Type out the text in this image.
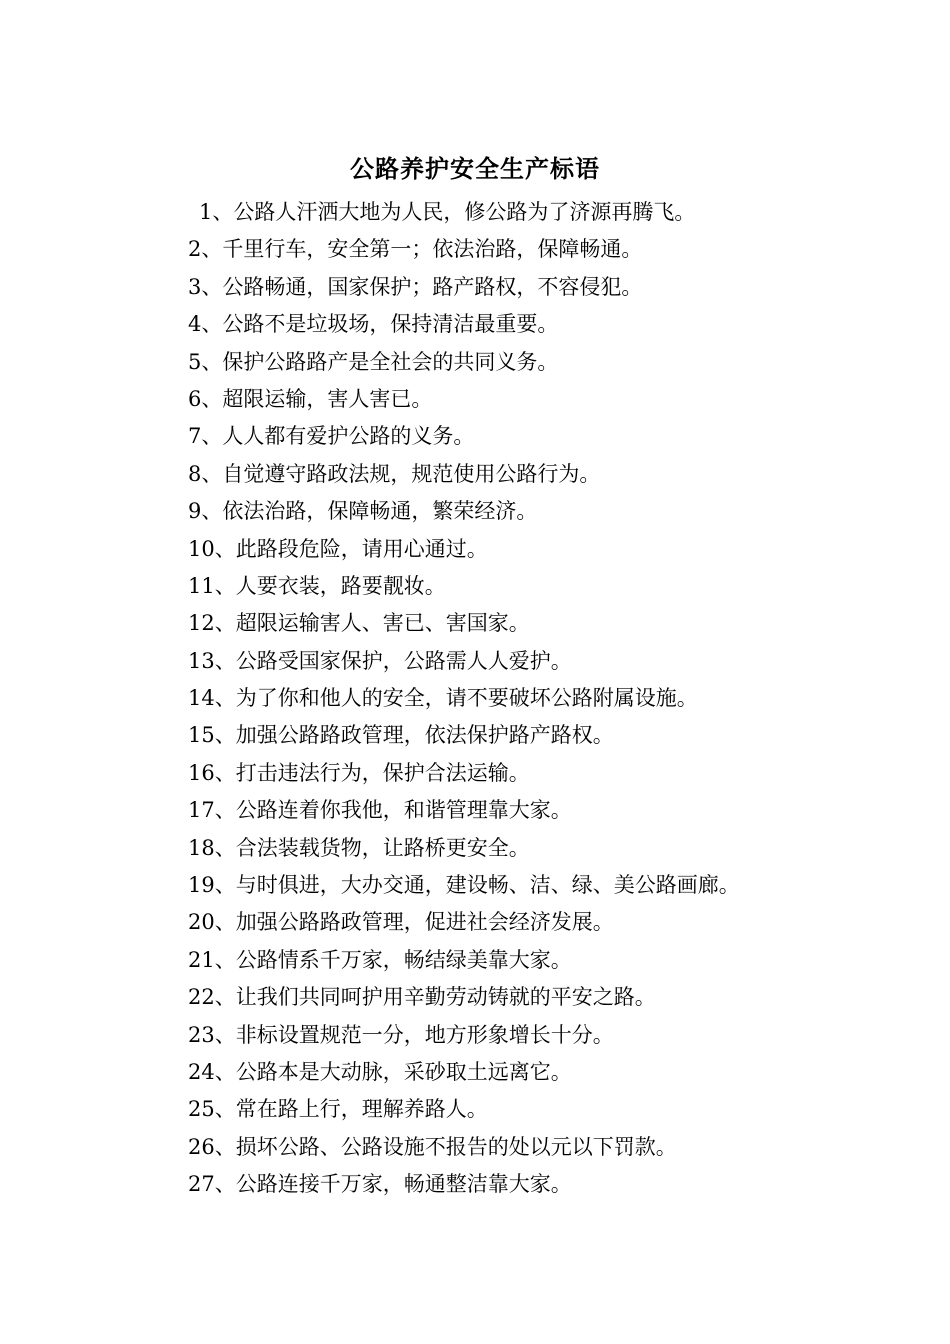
公路养护安全生产标语
1、公路人汗洒大地为人民，修公路为了济源再腾飞。
2、千里行车，安全第一；依法治路，保障畅通。
3、公路畅通，国家保护；路产路权，不容侵犯。
4、公路不是垃圾场，保持清洁最重要。
5、保护公路路产是全社会的共同义务。
6、超限运输，害人害已。
7、人人都有爱护公路的义务。
8、自觉遵守路政法规，规范使用公路行为。
9、依法治路，保障畅通，繁荣经济。
10、此路段危险，请用心通过。
11、人要衣装，路要靓妆。
12、超限运输害人、害已、害国家。
13、公路受国家保护，公路需人人爱护。
14、为了你和他人的安全，请不要破坏公路附属设施。
15、加强公路路政管理，依法保护路产路权。
16、打击违法行为，保护合法运输。
17、公路连着你我他，和谐管理靠大家。
18、合法装载货物，让路桥更安全。
19、与时俱进，大办交通，建设畅、洁、绿、美公路画廊。
20、加强公路路政管理，促进社会经济发展。
21、公路情系千万家，畅结绿美靠大家。
22、让我们共同呵护用辛勤劳动铸就的平安之路。
23、非标设置规范一分，地方形象增长十分。
24、公路本是大动脉，采砂取土远离它。
25、常在路上行，理解养路人。
26、损坏公路、公路设施不报告的处以元以下罚款。
27、公路连接千万家，畅通整洁靠大家。
